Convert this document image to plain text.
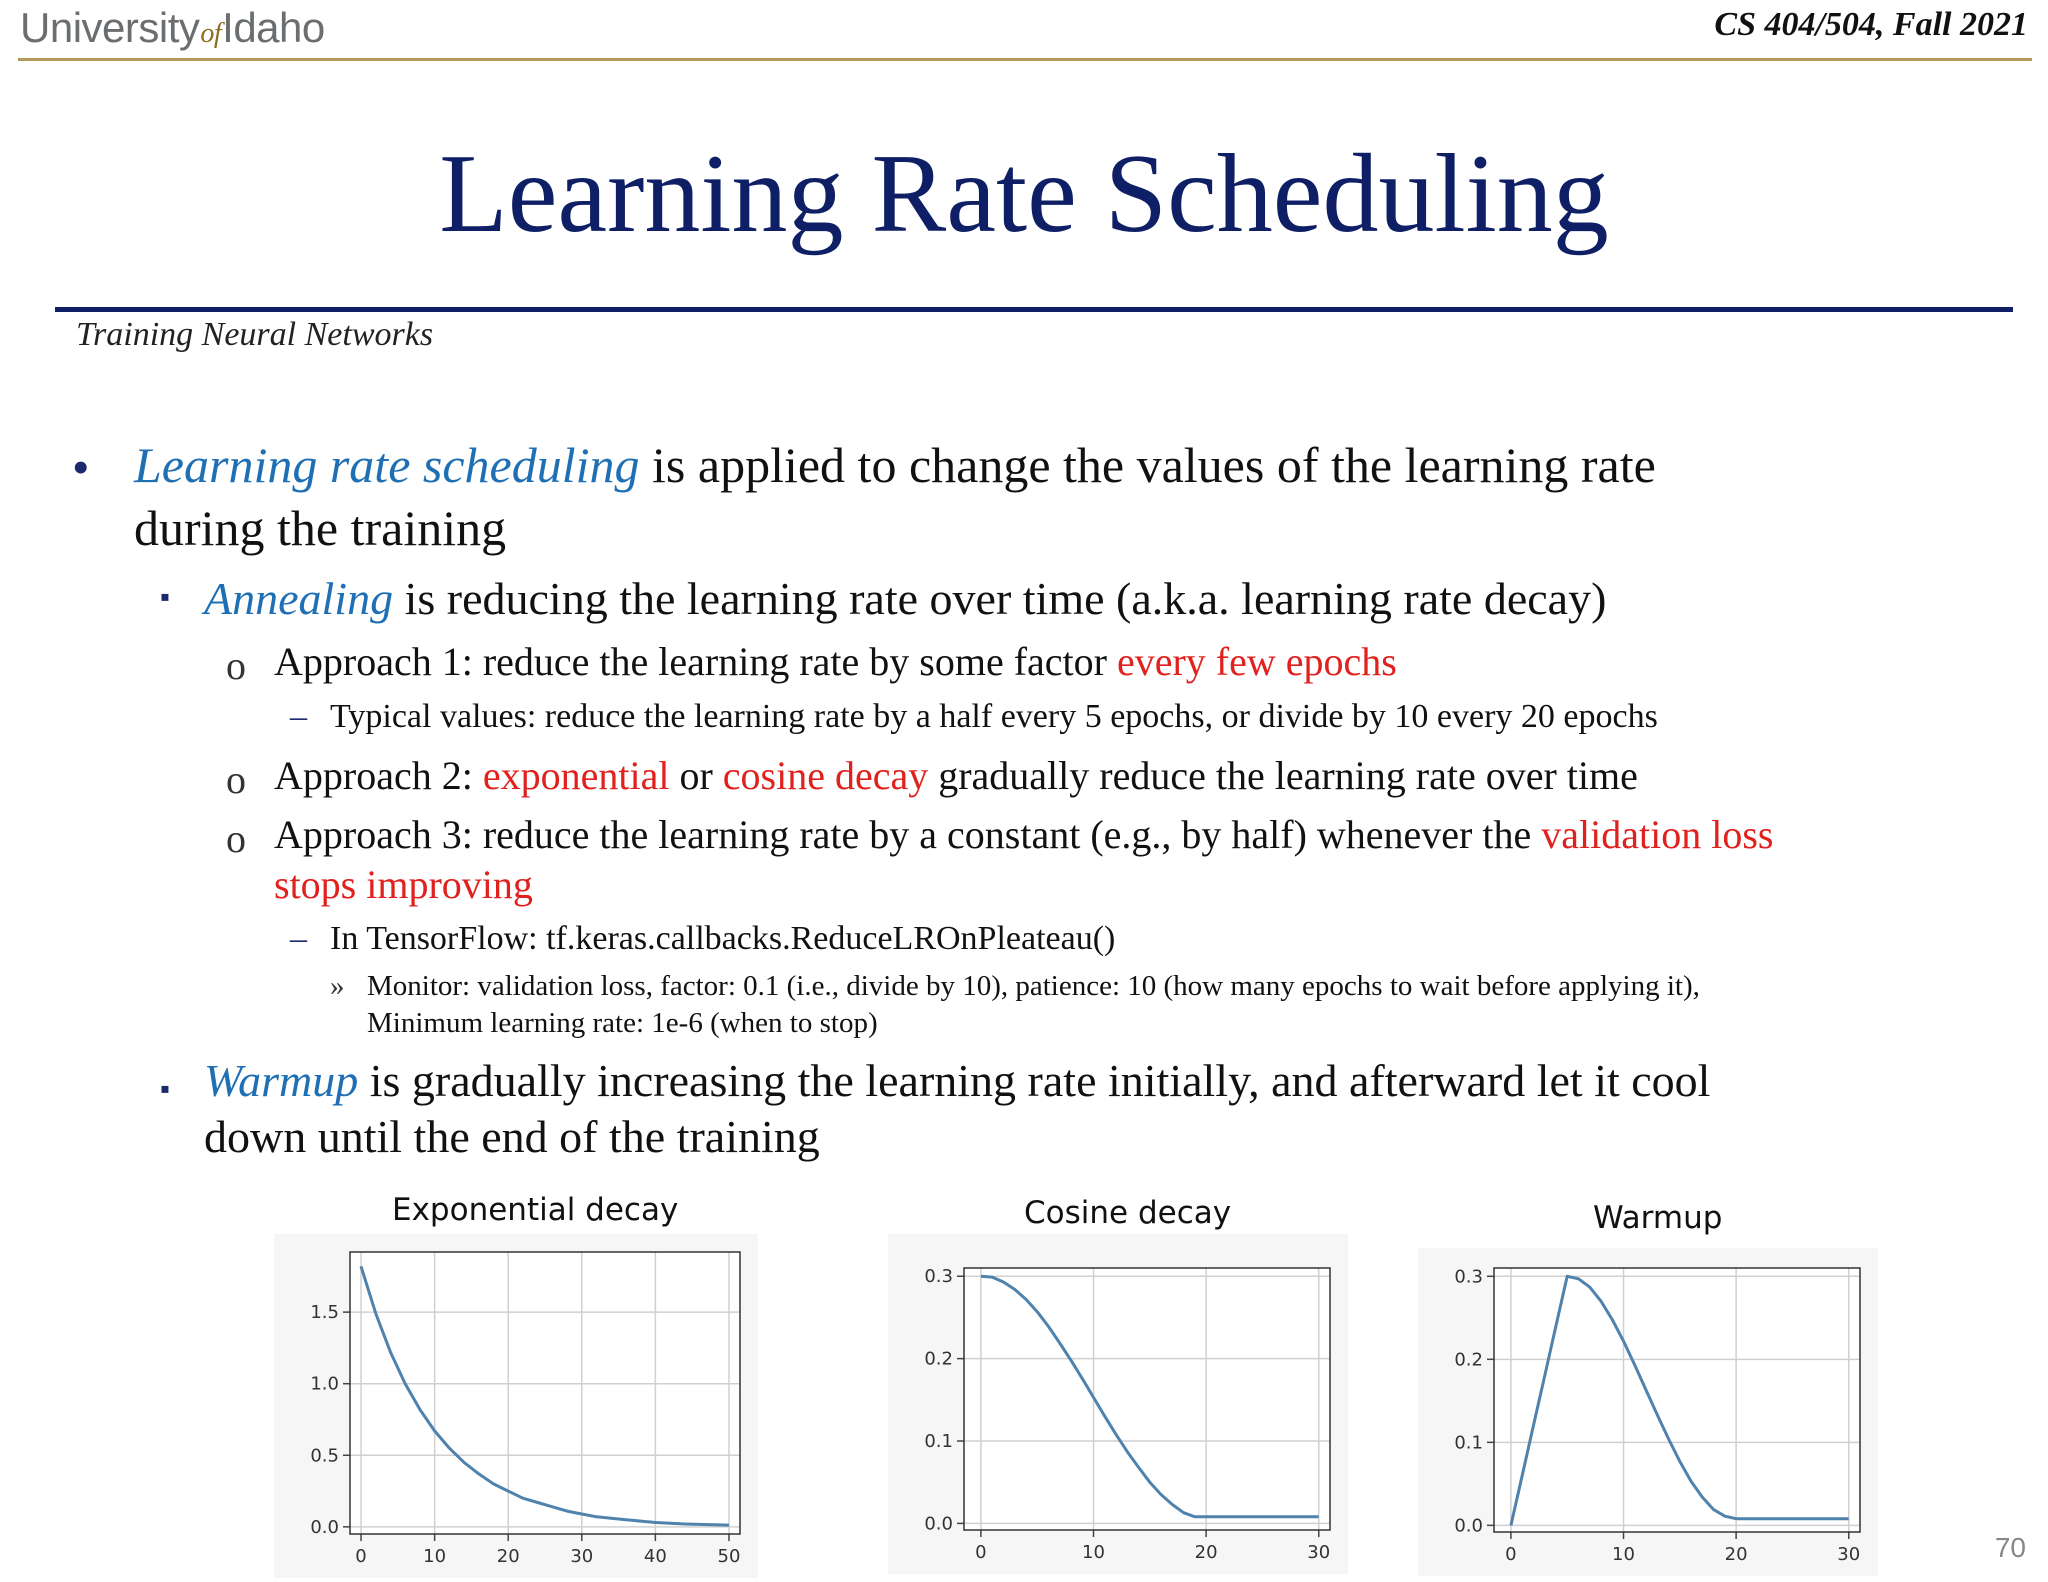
UniversityofIdaho	CS 404/504, Fall 2021
Learning Rate Scheduling
Training Neural Networks
• Learning rate scheduling is applied to change the values of the learning rate
during the training
▪ Annealing is reducing the learning rate over time (a.k.a. learning rate decay)
o Approach 1: reduce the learning rate by some factor every few epochs
– Typical values: reduce the learning rate by a half every 5 epochs, or divide by 10 every 20 epochs
o Approach 2: exponential or cosine decay gradually reduce the learning rate over time
o Approach 3: reduce the learning rate by a constant (e.g., by half) whenever the validation loss
stops improving
– In TensorFlow: tf.keras.callbacks.ReduceLROnPleateau()
» Monitor: validation loss, factor: 0.1 (i.e., divide by 10), patience: 10 (how many epochs to wait before applying it),
Minimum learning rate: 1e-6 (when to stop)
▪ Warmup is gradually increasing the learning rate initially, and afterward let it cool
down until the end of the training
Exponential decay
0	10	20	30	40	50
0.0
0.5
1.0
1.5
Cosine decay
0	10	20	30
0.0
0.1
0.2
0.3
Warmup
0	10	20	30
0.0
0.1
0.2
0.3
70
